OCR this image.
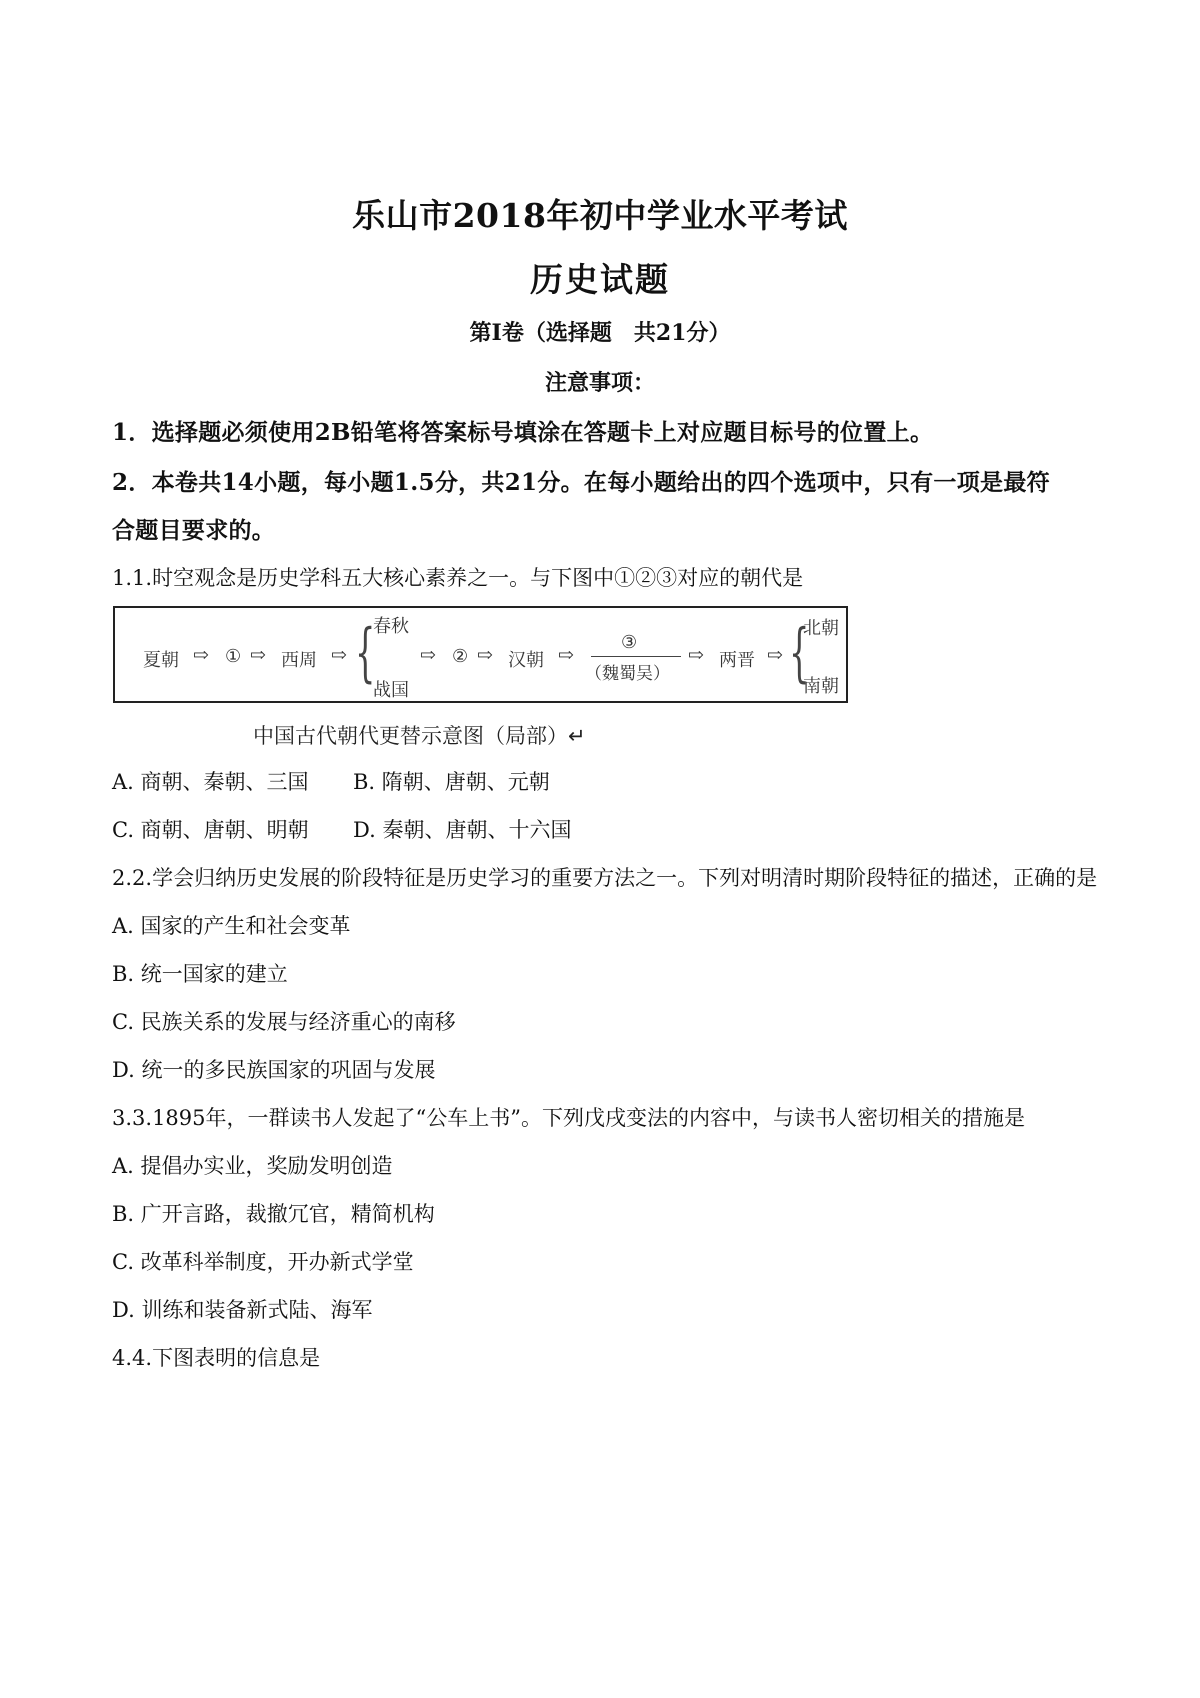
乐山市2018年初中学业水平考试
历史试题
第Ⅰ卷（选择题　共21分）
注意事项：
1．选择题必须使用2B铅笔将答案标号填涂在答题卡上对应题目标号的位置上。
2．本卷共14小题，每小题1.5分，共21分。在每小题给出的四个选项中，只有一项是最符
合题目要求的。
1.1.时空观念是历史学科五大核心素养之一。与下图中①②③对应的朝代是
夏朝 ⇨ ① ⇨ 西周 ⇨ {
春秋
战国
⇨ ② ⇨ 汉朝 ⇨
③
（魏蜀吴）
⇨ 两晋 ⇨ {
北朝
南朝
中国古代朝代更替示意图（局部）↵
A. 商朝、秦朝、三国 B. 隋朝、唐朝、元朝
C. 商朝、唐朝、明朝 D. 秦朝、唐朝、十六国
2.2.学会归纳历史发展的阶段特征是历史学习的重要方法之一。下列对明清时期阶段特征的描述，正确的是
A. 国家的产生和社会变革
B. 统一国家的建立
C. 民族关系的发展与经济重心的南移
D. 统一的多民族国家的巩固与发展
3.3.1895年，一群读书人发起了“公车上书”。下列戊戌变法的内容中，与读书人密切相关的措施是
A. 提倡办实业，奖励发明创造
B. 广开言路，裁撤冗官，精简机构
C. 改革科举制度，开办新式学堂
D. 训练和装备新式陆、海军
4.4.下图表明的信息是
